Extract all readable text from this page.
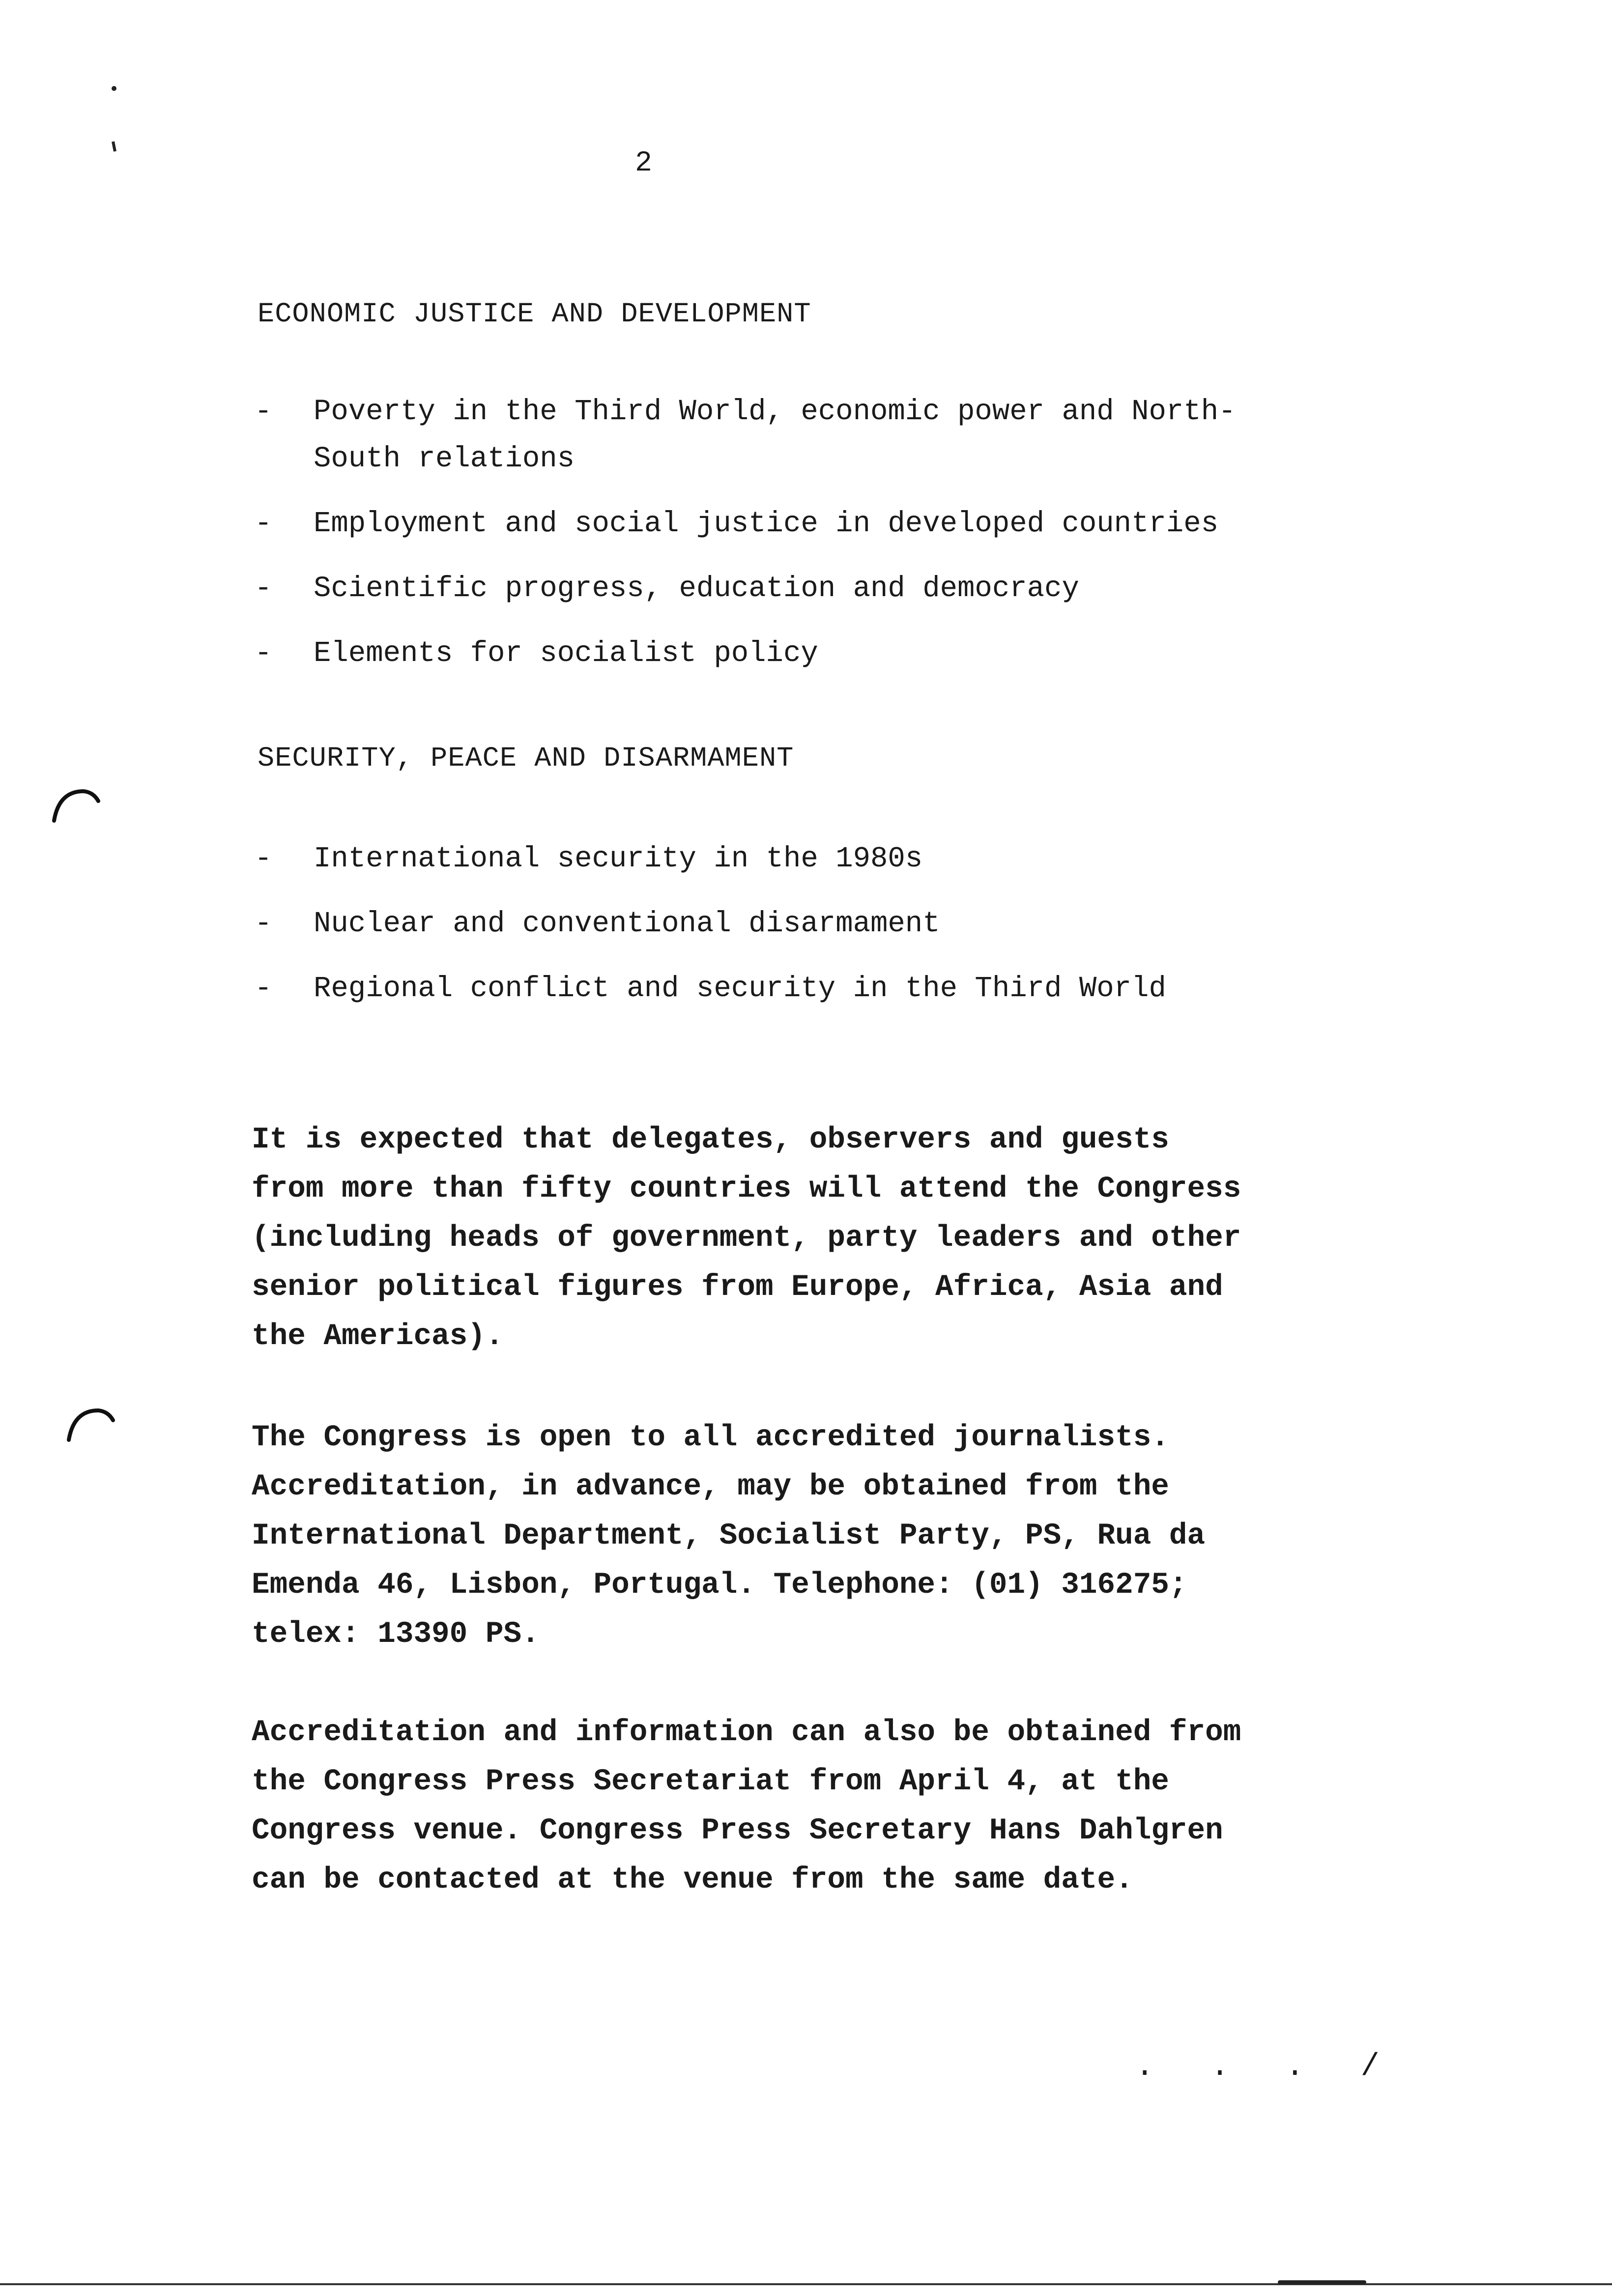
2
ECONOMIC JUSTICE AND DEVELOPMENT
- Poverty in the Third World, economic power and North-South relations
- Employment and social justice in developed countries
- Scientific progress, education and democracy
- Elements for socialist policy
SECURITY, PEACE AND DISARMAMENT
- International security in the 1980s
- Nuclear and conventional disarmament
- Regional conflict and security in the Third World
It is expected that delegates, observers and guests
from more than fifty countries will attend the Congress
(including heads of government, party leaders and other
senior political figures from Europe, Africa, Asia and
the Americas).
The Congress is open to all accredited journalists.
Accreditation, in advance, may be obtained from the
International Department, Socialist Party, PS, Rua da
Emenda 46, Lisbon, Portugal. Telephone: (01) 316275;
telex: 13390 PS.
Accreditation and information can also be obtained from
the Congress Press Secretariat from April 4, at the
Congress venue. Congress Press Secretary Hans Dahlgren
can be contacted at the venue from the same date.
. . . /
